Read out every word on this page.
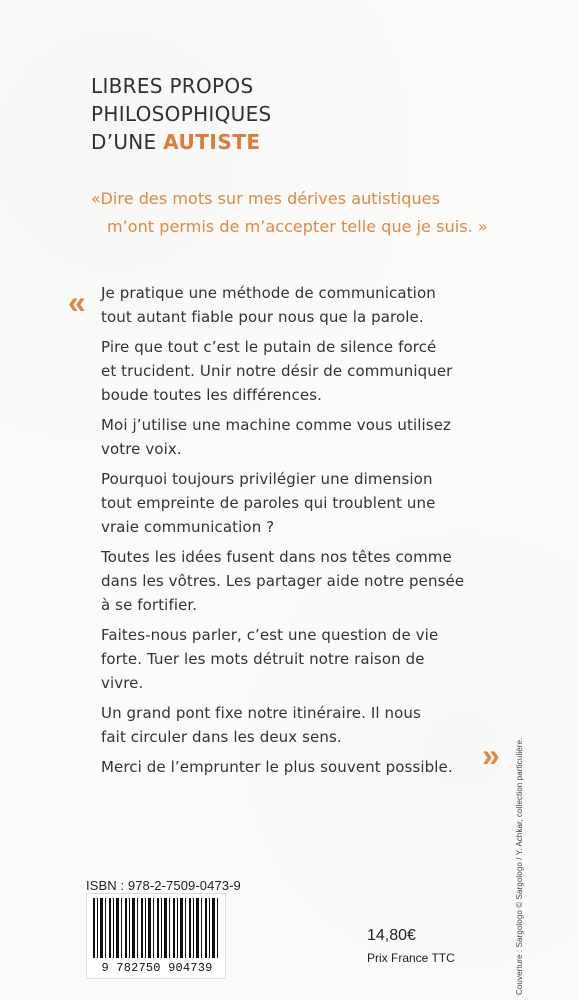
LIBRES PROPOS
PHILOSOPHIQUES
D’UNE AUTISTE

«Dire des mots sur mes dérives autistiques
m’ont permis de m’accepter telle que je suis. »

« Je pratique une méthode de communication
tout autant fiable pour nous que la parole.

Pire que tout c’est le putain de silence forcé
et trucident. Unir notre désir de communiquer
boude toutes les différences.

Moi j’utilise une machine comme vous utilisez
votre voix.

Pourquoi toujours privilégier une dimension
tout empreinte de paroles qui troublent une
vraie communication ?

Toutes les idées fusent dans nos têtes comme
dans les vôtres. Les partager aide notre pensée
à se fortifier.

Faites-nous parler, c’est une question de vie
forte. Tuer les mots détruit notre raison de
vivre.

Un grand pont fixe notre itinéraire. Il nous
fait circuler dans les deux sens.

Merci de l’emprunter le plus souvent possible. »

ISBN : 978-2-7509-0473-9

9 782750 904739

14,80€

Prix France TTC	Couverture : Sargologo © Sargologo / Y. Achkar, collection particulière.
